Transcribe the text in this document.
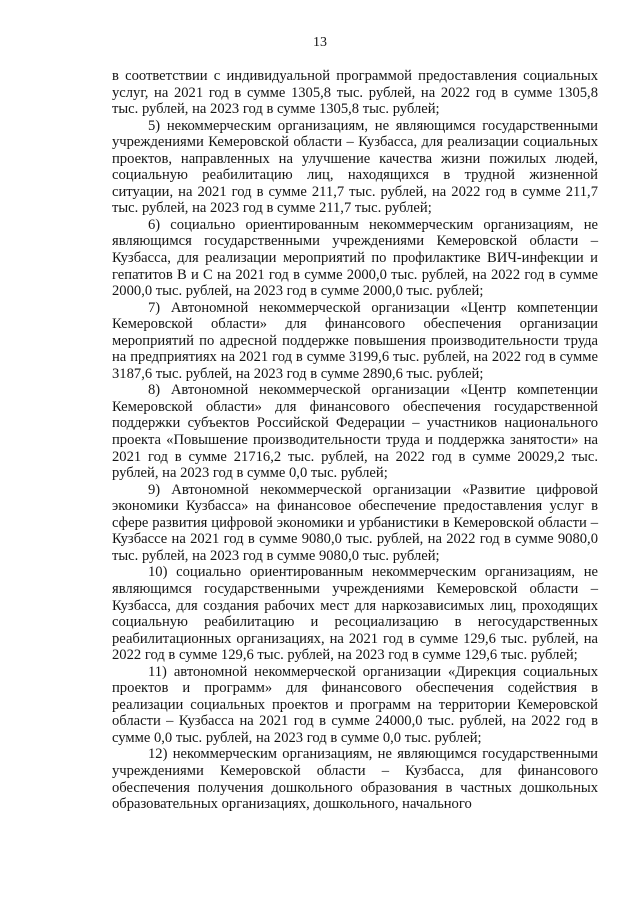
13

в соответствии с индивидуальной программой предоставления социальных услуг, на 2021 год в сумме 1305,8 тыс. рублей, на 2022 год в сумме 1305,8 тыс. рублей, на 2023 год в сумме 1305,8 тыс. рублей;

5) некоммерческим организациям, не являющимся государственными учреждениями Кемеровской области – Кузбасса, для реализации социальных проектов, направленных на улучшение качества жизни пожилых людей, социальную реабилитацию лиц, находящихся в трудной жизненной ситуации, на 2021 год в сумме 211,7 тыс. рублей, на 2022 год в сумме 211,7 тыс. рублей, на 2023 год в сумме 211,7 тыс. рублей;

6) социально ориентированным некоммерческим организациям, не являющимся государственными учреждениями Кемеровской области – Кузбасса, для реализации мероприятий по профилактике ВИЧ-инфекции и гепатитов В и С на 2021 год в сумме 2000,0 тыс. рублей, на 2022 год в сумме 2000,0 тыс. рублей, на 2023 год в сумме 2000,0 тыс. рублей;

7) Автономной некоммерческой организации «Центр компетенции Кемеровской области» для финансового обеспечения организации мероприятий по адресной поддержке повышения производительности труда на предприятиях на 2021 год в сумме 3199,6 тыс. рублей, на 2022 год в сумме 3187,6 тыс. рублей, на 2023 год в сумме 2890,6 тыс. рублей;

8) Автономной некоммерческой организации «Центр компетенции Кемеровской области» для финансового обеспечения государственной поддержки субъектов Российской Федерации – участников национального проекта «Повышение производительности труда и поддержка занятости» на 2021 год в сумме 21716,2 тыс. рублей, на 2022 год в сумме 20029,2 тыс. рублей, на 2023 год в сумме 0,0 тыс. рублей;

9) Автономной некоммерческой организации «Развитие цифровой экономики Кузбасса» на финансовое обеспечение предоставления услуг в сфере развития цифровой экономики и урбанистики в Кемеровской области – Кузбассе на 2021 год в сумме 9080,0 тыс. рублей, на 2022 год в сумме 9080,0 тыс. рублей, на 2023 год в сумме 9080,0 тыс. рублей;

10) социально ориентированным некоммерческим организациям, не являющимся государственными учреждениями Кемеровской области – Кузбасса, для создания рабочих мест для наркозависимых лиц, проходящих социальную реабилитацию и ресоциализацию в негосударственных реабилитационных организациях, на 2021 год в сумме 129,6 тыс. рублей, на 2022 год в сумме 129,6 тыс. рублей, на 2023 год в сумме 129,6 тыс. рублей;

11) автономной некоммерческой организации «Дирекция социальных проектов и программ» для финансового обеспечения содействия в реализации социальных проектов и программ на территории Кемеровской области – Кузбасса на 2021 год в сумме 24000,0 тыс. рублей, на 2022 год в сумме 0,0 тыс. рублей, на 2023 год в сумме 0,0 тыс. рублей;

12) некоммерческим организациям, не являющимся государственными учреждениями Кемеровской области – Кузбасса, для финансового обеспечения получения дошкольного образования в частных дошкольных образовательных организациях, дошкольного, начального
